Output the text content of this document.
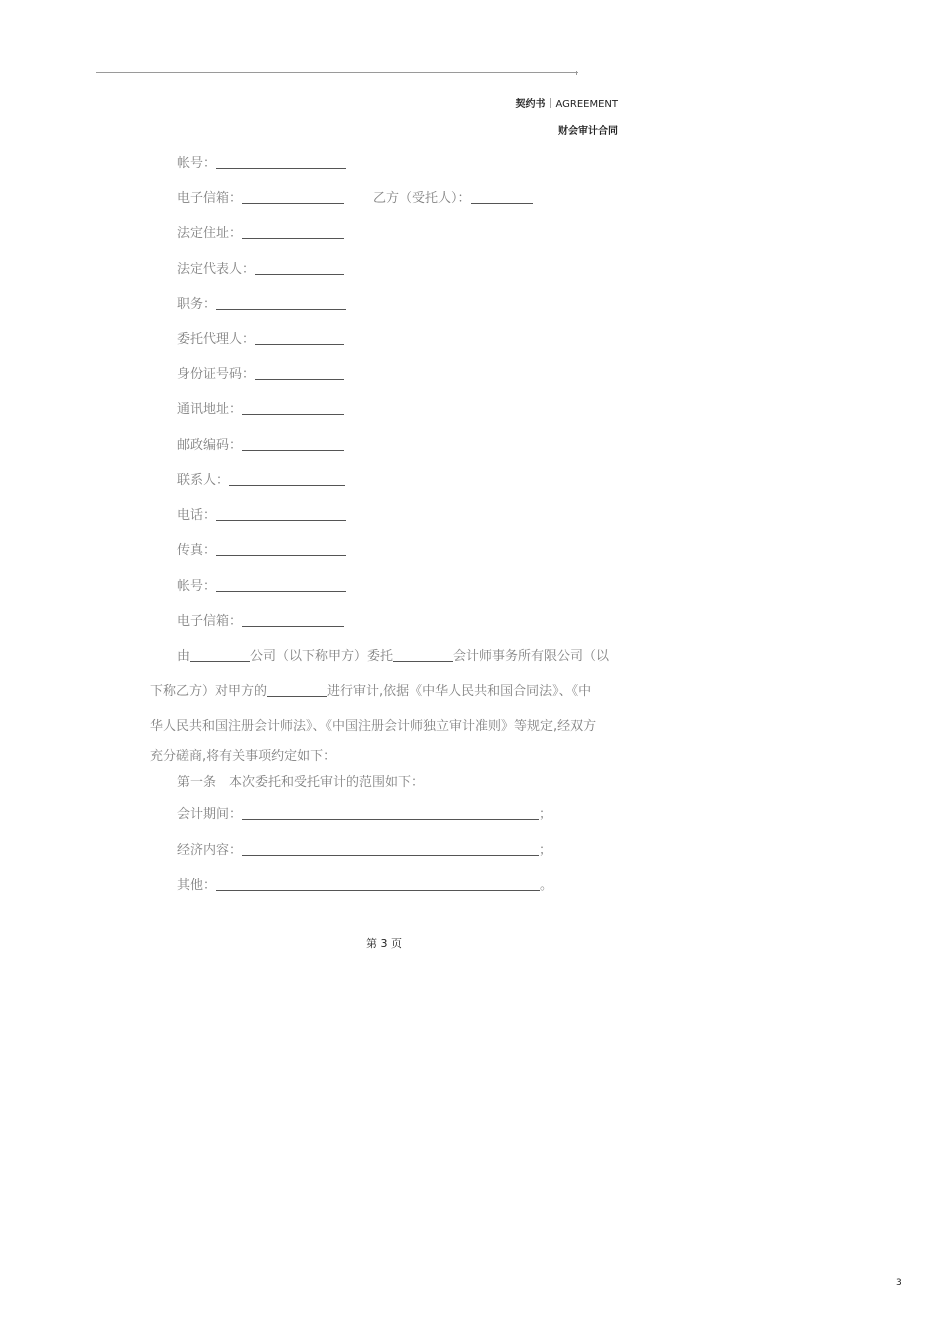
契约书｜AGREEMENT
财会审计合同
帐号：
电子信箱：	乙方（受托人）：
法定住址：
法定代表人：
职务：
委托代理人：
身份证号码：
通讯地址：
邮政编码：
联系人：
电话：
传真：
帐号：
电子信箱：
由	公司（以下称甲方）委托	会计师事务所有限公司（以
下称乙方）对甲方的	进行审计,依据《中华人民共和国合同法》、《中
华人民共和国注册会计师法》、《中国注册会计师独立审计准则》等规定,经双方
充分磋商,将有关事项约定如下：
第一条　本次委托和受托审计的范围如下：
会计期间：	；
经济内容：	；
其他：	。
第 3 页
3
